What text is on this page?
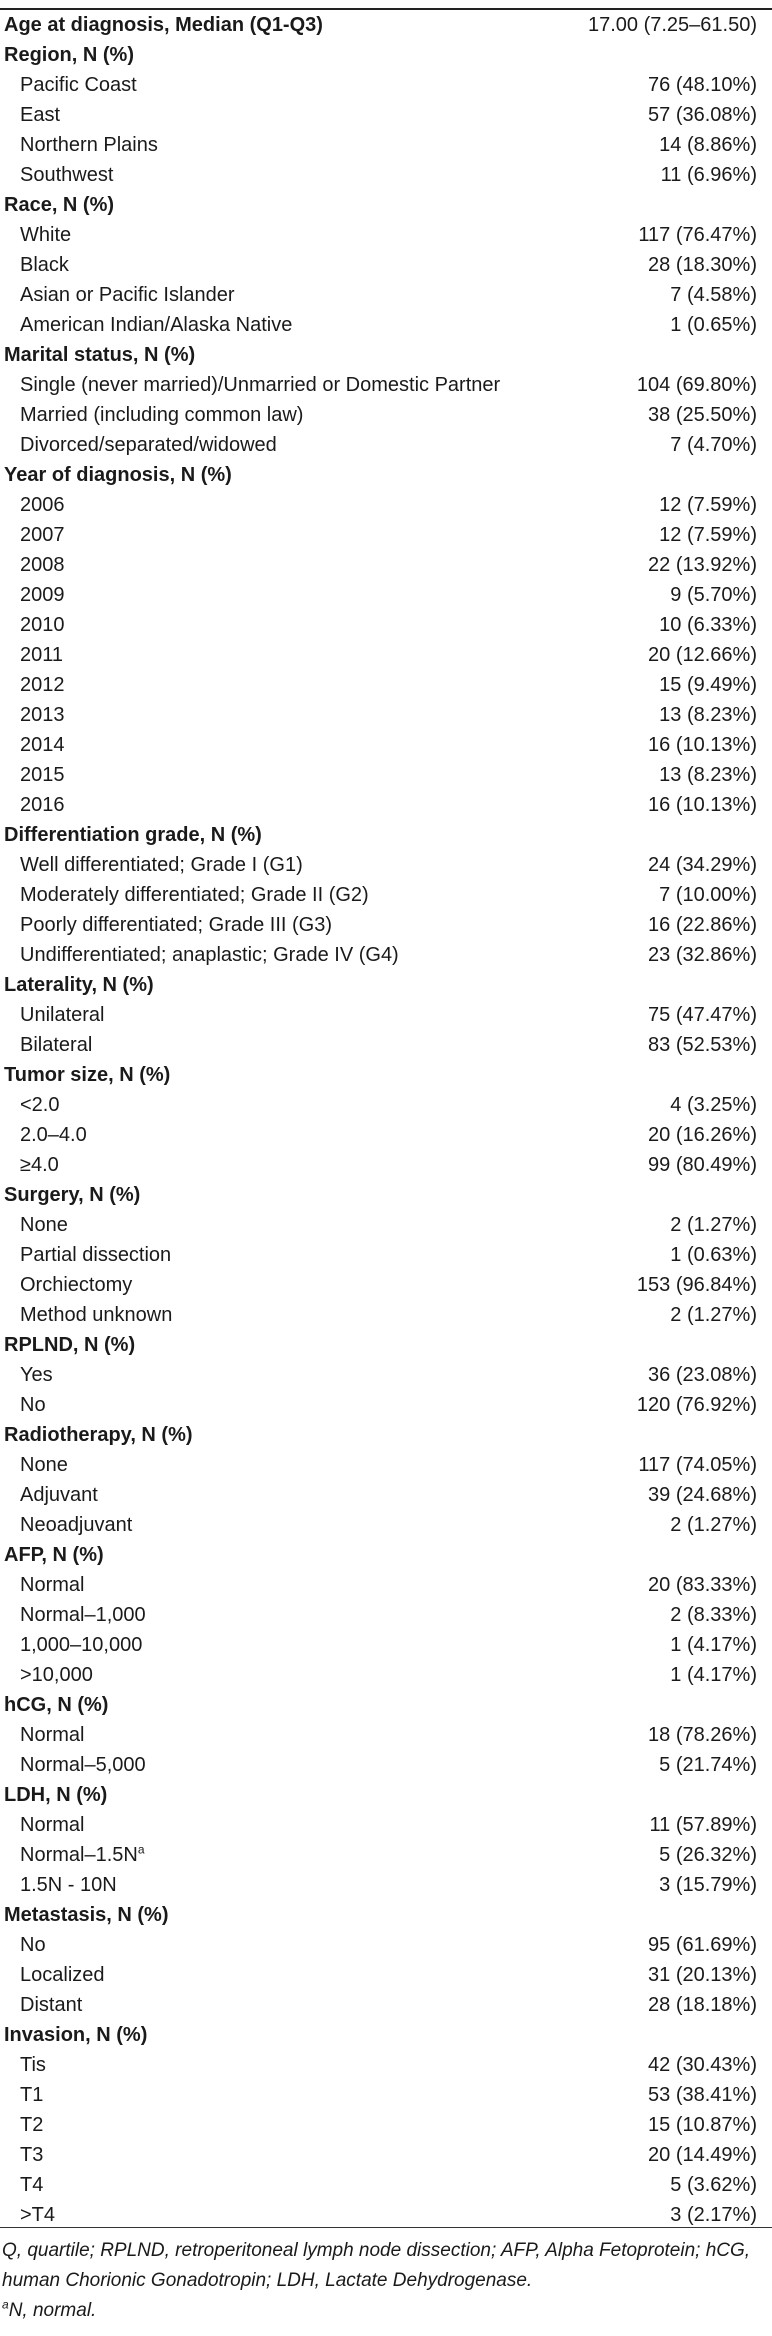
Age at diagnosis, Median (Q1-Q3)	17.00 (7.25–61.50)
Region, N (%)
Pacific Coast	76 (48.10%)
East	57 (36.08%)
Northern Plains	14 (8.86%)
Southwest	11 (6.96%)
Race, N (%)
White	117 (76.47%)
Black	28 (18.30%)
Asian or Pacific Islander	7 (4.58%)
American Indian/Alaska Native	1 (0.65%)
Marital status, N (%)
Single (never married)/Unmarried or Domestic Partner	104 (69.80%)
Married (including common law)	38 (25.50%)
Divorced/separated/widowed	7 (4.70%)
Year of diagnosis, N (%)
2006	12 (7.59%)
2007	12 (7.59%)
2008	22 (13.92%)
2009	9 (5.70%)
2010	10 (6.33%)
2011	20 (12.66%)
2012	15 (9.49%)
2013	13 (8.23%)
2014	16 (10.13%)
2015	13 (8.23%)
2016	16 (10.13%)
Differentiation grade, N (%)
Well differentiated; Grade I (G1)	24 (34.29%)
Moderately differentiated; Grade II (G2)	7 (10.00%)
Poorly differentiated; Grade III (G3)	16 (22.86%)
Undifferentiated; anaplastic; Grade IV (G4)	23 (32.86%)
Laterality, N (%)
Unilateral	75 (47.47%)
Bilateral	83 (52.53%)
Tumor size, N (%)
<2.0	4 (3.25%)
2.0–4.0	20 (16.26%)
≥4.0	99 (80.49%)
Surgery, N (%)
None	2 (1.27%)
Partial dissection	1 (0.63%)
Orchiectomy	153 (96.84%)
Method unknown	2 (1.27%)
RPLND, N (%)
Yes	36 (23.08%)
No	120 (76.92%)
Radiotherapy, N (%)
None	117 (74.05%)
Adjuvant	39 (24.68%)
Neoadjuvant	2 (1.27%)
AFP, N (%)
Normal	20 (83.33%)
Normal–1,000	2 (8.33%)
1,000–10,000	1 (4.17%)
>10,000	1 (4.17%)
hCG, N (%)
Normal	18 (78.26%)
Normal–5,000	5 (21.74%)
LDH, N (%)
Normal	11 (57.89%)
Normal–$1.5N^a$	5 (26.32%)
1.5N - 10N	3 (15.79%)
Metastasis, N (%)
No	95 (61.69%)
Localized	31 (20.13%)
Distant	28 (18.18%)
Invasion, N (%)
Tis	42 (30.43%)
T1	53 (38.41%)
T2	15 (10.87%)
T3	20 (14.49%)
T4	5 (3.62%)
>T4	3 (2.17%)
Q, quartile; RPLND, retroperitoneal lymph node dissection; AFP, Alpha Fetoprotein; hCG, human Chorionic Gonadotropin; LDH, Lactate Dehydrogenase.
$^a$N, normal.
